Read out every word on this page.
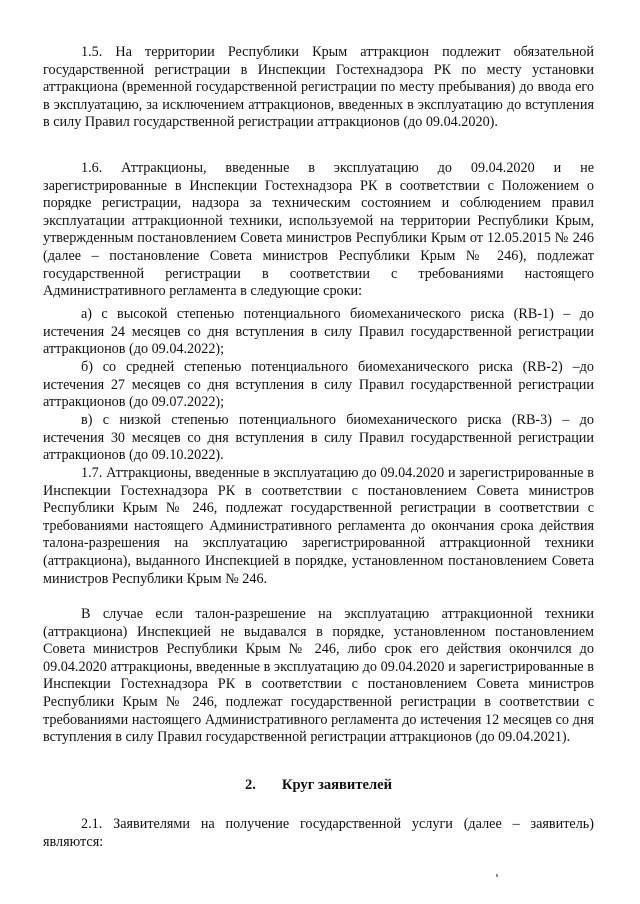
1.5. На территории Республики Крым аттракцион подлежит обязательной государственной регистрации в Инспекции Гостехнадзора РК по месту установки аттракциона (временной государственной регистрации по месту пребывания) до ввода его в эксплуатацию, за исключением аттракционов, введенных в эксплуатацию до вступления в силу Правил государственной регистрации аттракционов (до 09.04.2020).

1.6. Аттракционы, введенные в эксплуатацию до 09.04.2020 и не зарегистрированные в Инспекции Гостехнадзора РК в соответствии с Положением о порядке регистрации, надзора за техническим состоянием и соблюдением правил эксплуатации аттракционной техники, используемой на территории Республики Крым, утвержденным постановлением Совета министров Республики Крым от 12.05.2015 № 246 (далее – постановление Совета министров Республики Крым № 246), подлежат государственной регистрации в соответствии с требованиями настоящего Административного регламента в следующие сроки:

а) с высокой степенью потенциального биомеханического риска (RB-1) – до истечения 24 месяцев со дня вступления в силу Правил государственной регистрации аттракционов (до 09.04.2022);

б) со средней степенью потенциального биомеханического риска (RB-2) –до истечения 27 месяцев со дня вступления в силу Правил государственной регистрации аттракционов (до 09.07.2022);

в) с низкой степенью потенциального биомеханического риска (RB-3) – до истечения 30 месяцев со дня вступления в силу Правил государственной регистрации аттракционов (до 09.10.2022).

1.7. Аттракционы, введенные в эксплуатацию до 09.04.2020 и зарегистрированные в Инспекции Гостехнадзора РК в соответствии с постановлением Совета министров Республики Крым № 246, подлежат государственной регистрации в соответствии с требованиями настоящего Административного регламента до окончания срока действия талона-разрешения на эксплуатацию зарегистрированной аттракционной техники (аттракциона), выданного Инспекцией в порядке, установленном постановлением Совета министров Республики Крым № 246.

В случае если талон-разрешение на эксплуатацию аттракционной техники (аттракциона) Инспекцией не выдавался в порядке, установленном постановлением Совета министров Республики Крым № 246, либо срок его действия окончился до 09.04.2020 аттракционы, введенные в эксплуатацию до 09.04.2020 и зарегистрированные в Инспекции Гостехнадзора РК в соответствии с постановлением Совета министров Республики Крым № 246, подлежат государственной регистрации в соответствии с требованиями настоящего Административного регламента до истечения 12 месяцев со дня вступления в силу Правил государственной регистрации аттракционов (до 09.04.2021).

2. Круг заявителей

2.1. Заявителями на получение государственной услуги (далее – заявитель) являются:
